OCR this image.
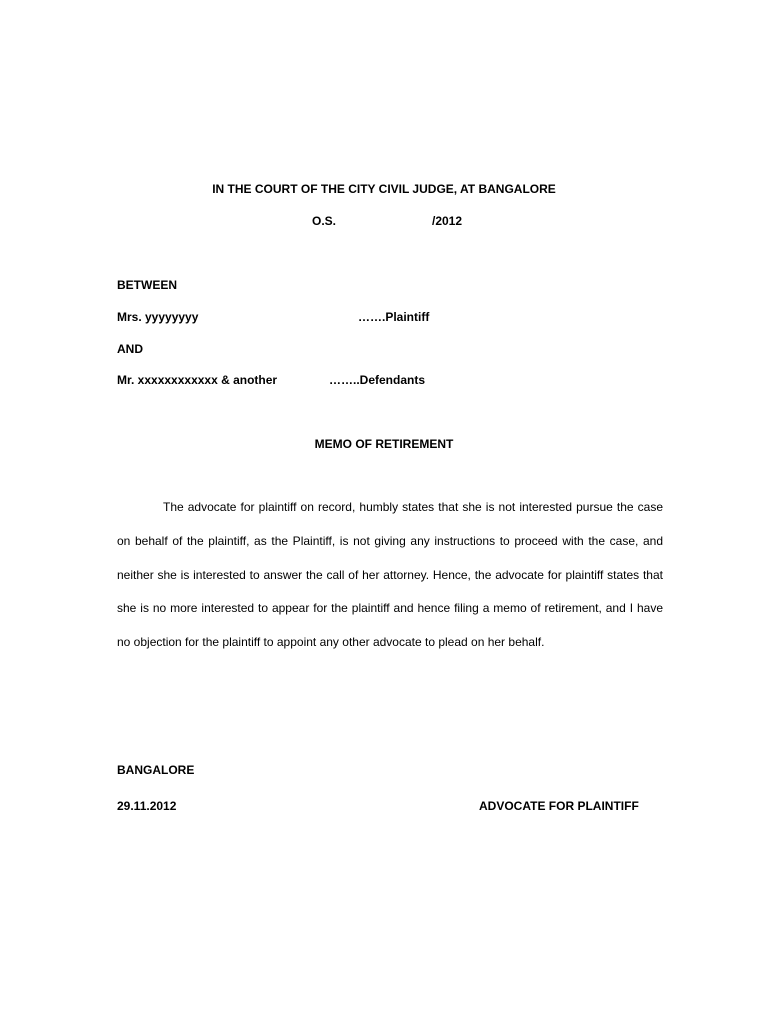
IN THE COURT OF THE CITY CIVIL JUDGE, AT BANGALORE
O.S.	/2012
BETWEEN
Mrs. yyyyyyyy	…….Plaintiff
AND
Mr. xxxxxxxxxxxx & another	……..Defendants
MEMO OF RETIREMENT
The advocate for plaintiff on record, humbly states that she is not interested pursue the case on behalf of the plaintiff, as the Plaintiff, is not giving any instructions to proceed with the case, and neither she is interested to answer the call of her attorney. Hence, the advocate for plaintiff states that she is no more interested to appear for the plaintiff and hence filing a memo of retirement, and I have no objection for the plaintiff to appoint any other advocate to plead on her behalf.
BANGALORE
29.11.2012	ADVOCATE FOR PLAINTIFF
